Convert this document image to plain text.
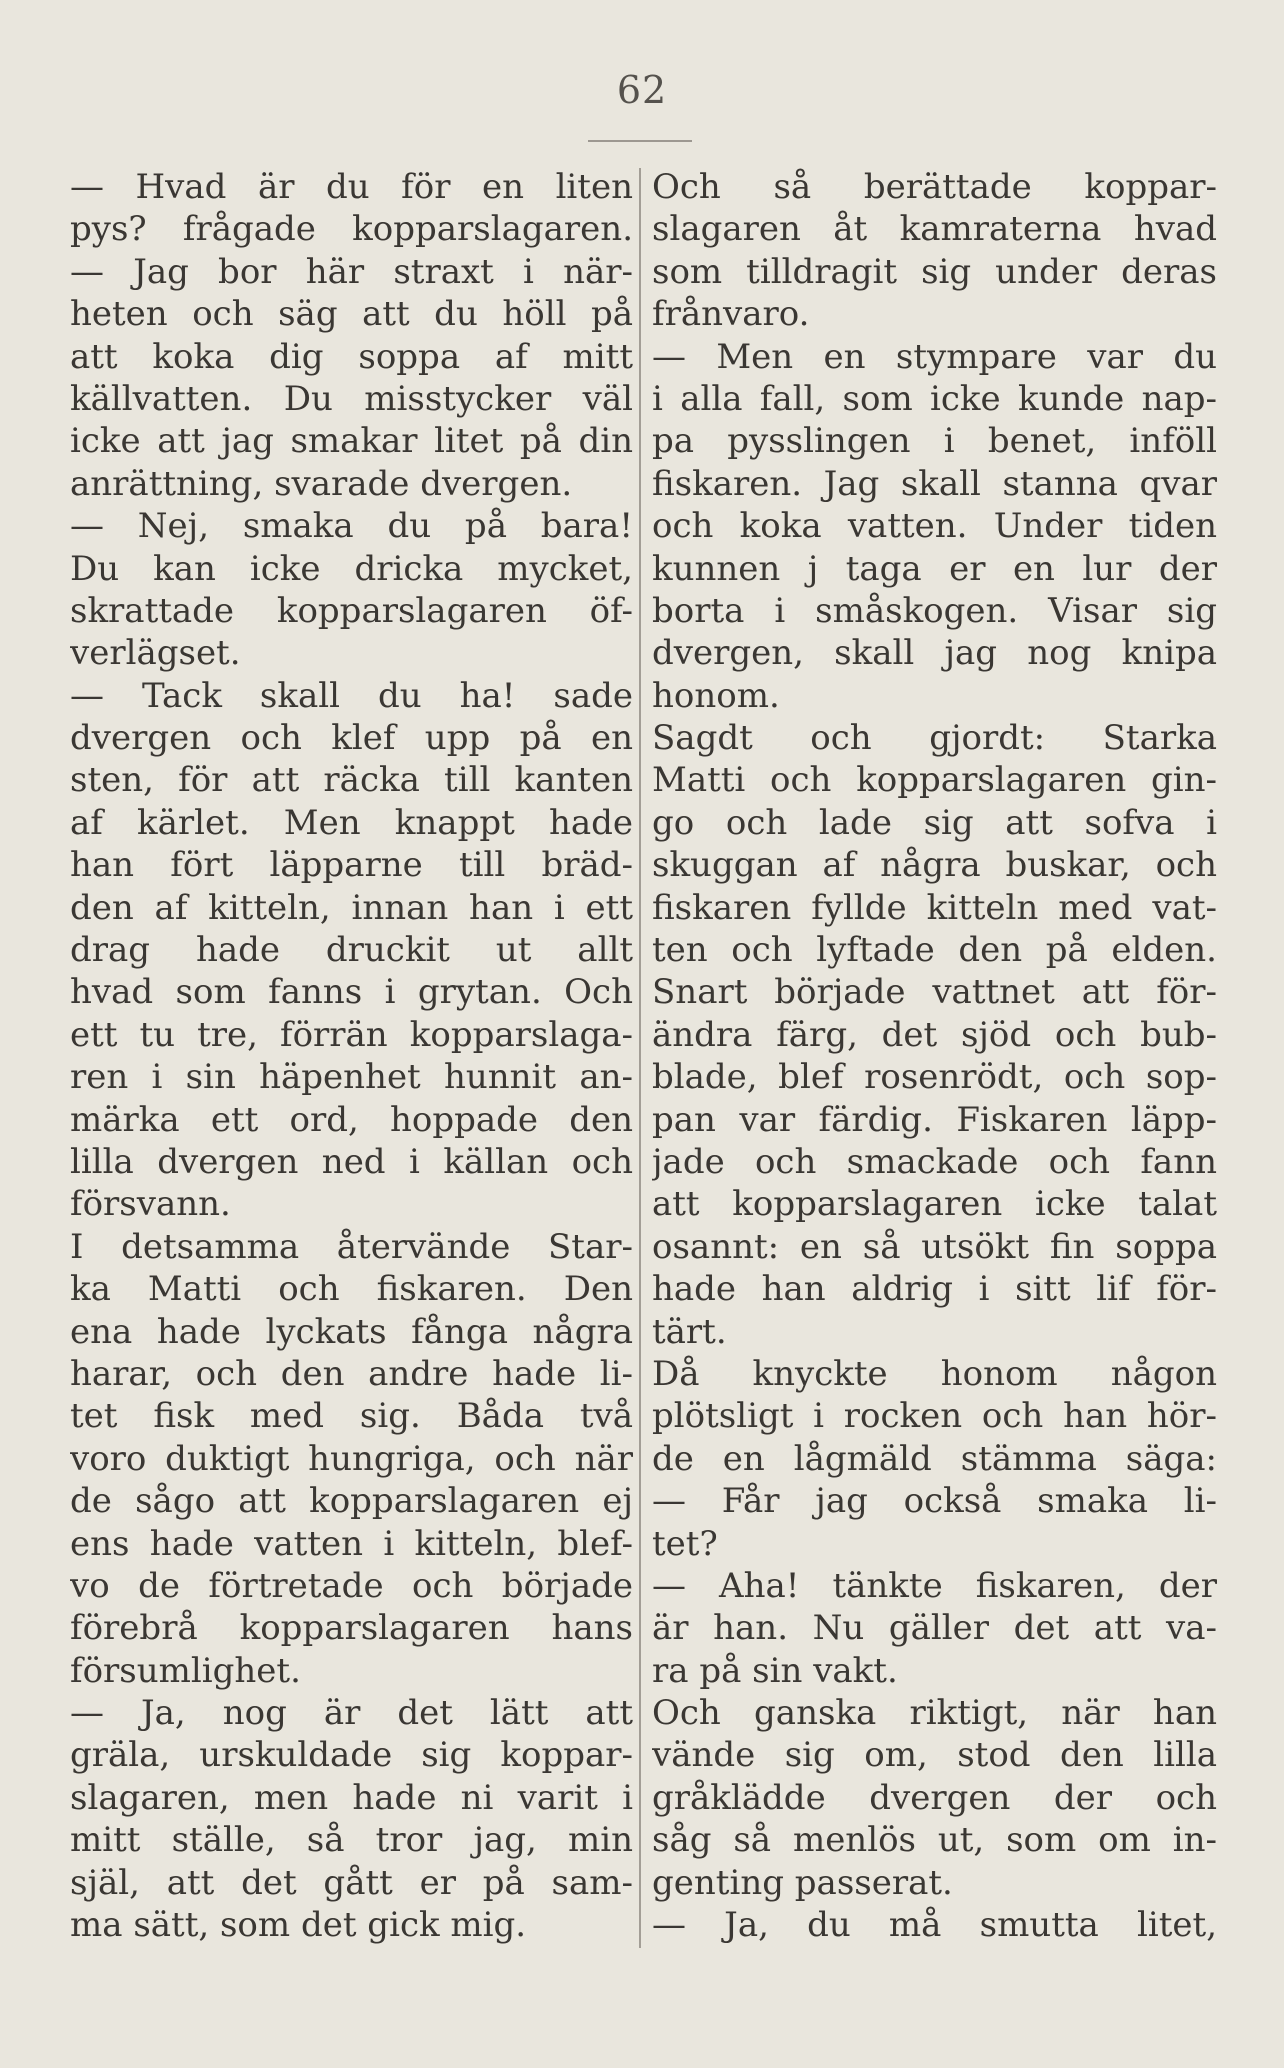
62
— Hvad är du för en liten
pys? frågade kopparslagaren.
— Jag bor här straxt i när-
heten och säg att du höll på
att koka dig soppa af mitt
källvatten. Du misstycker väl
icke att jag smakar litet på din
anrättning, svarade dvergen.
— Nej, smaka du på bara!
Du kan icke dricka mycket,
skrattade kopparslagaren öf-
verlägset.
— Tack skall du ha! sade
dvergen och klef upp på en
sten, för att räcka till kanten
af kärlet. Men knappt hade
han fört läpparne till bräd-
den af kitteln, innan han i ett
drag hade druckit ut allt
hvad som fanns i grytan. Och
ett tu tre, förrän kopparslaga-
ren i sin häpenhet hunnit an-
märka ett ord, hoppade den
lilla dvergen ned i källan och
försvann.
I detsamma återvände Star-
ka Matti och fiskaren. Den
ena hade lyckats fånga några
harar, och den andre hade li-
tet fisk med sig. Båda två
voro duktigt hungriga, och när
de sågo att kopparslagaren ej
ens hade vatten i kitteln, blef-
vo de förtretade och började
förebrå kopparslagaren hans
försumlighet.
— Ja, nog är det lätt att
gräla, urskuldade sig koppar-
slagaren, men hade ni varit i
mitt ställe, så tror jag, min
själ, att det gått er på sam-
ma sätt, som det gick mig.
Och så berättade koppar-
slagaren åt kamraterna hvad
som tilldragit sig under deras
frånvaro.
— Men en stympare var du
i alla fall, som icke kunde nap-
pa pysslingen i benet, inföll
fiskaren. Jag skall stanna qvar
och koka vatten. Under tiden
kunnen j taga er en lur der
borta i småskogen. Visar sig
dvergen, skall jag nog knipa
honom.
Sagdt och gjordt: Starka
Matti och kopparslagaren gin-
go och lade sig att sofva i
skuggan af några buskar, och
fiskaren fyllde kitteln med vat-
ten och lyftade den på elden.
Snart började vattnet att för-
ändra färg, det sjöd och bub-
blade, blef rosenrödt, och sop-
pan var färdig. Fiskaren läpp-
jade och smackade och fann
att kopparslagaren icke talat
osannt: en så utsökt fin soppa
hade han aldrig i sitt lif för-
tärt.
Då knyckte honom någon
plötsligt i rocken och han hör-
de en lågmäld stämma säga:
— Får jag också smaka li-
tet?
— Aha! tänkte fiskaren, der
är han. Nu gäller det att va-
ra på sin vakt.
Och ganska riktigt, när han
vände sig om, stod den lilla
gråklädde dvergen der och
såg så menlös ut, som om in-
genting passerat.
— Ja, du må smutta litet,
